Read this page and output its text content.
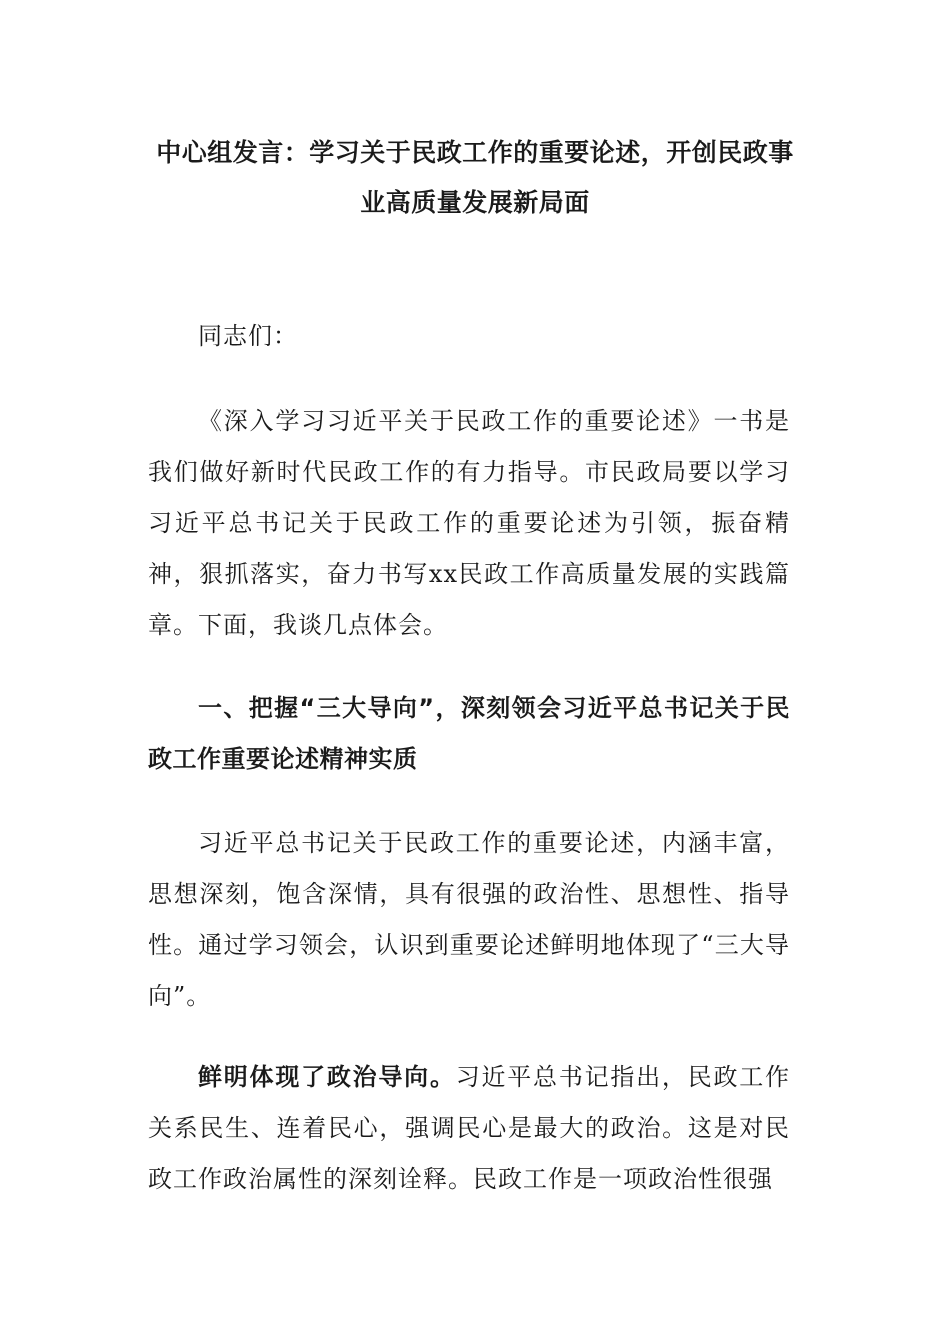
中心组发言：学习关于民政工作的重要论述，开创民政事业高质量发展新局面

同志们：

《深入学习习近平关于民政工作的重要论述》一书是我们做好新时代民政工作的有力指导。市民政局要以学习习近平总书记关于民政工作的重要论述为引领，振奋精神，狠抓落实，奋力书写xx民政工作高质量发展的实践篇章。下面，我谈几点体会。

一、把握“三大导向”，深刻领会习近平总书记关于民政工作重要论述精神实质

习近平总书记关于民政工作的重要论述，内涵丰富，思想深刻，饱含深情，具有很强的政治性、思想性、指导性。通过学习领会，认识到重要论述鲜明地体现了“三大导向”。

鲜明体现了政治导向。习近平总书记指出，民政工作关系民生、连着民心，强调民心是最大的政治。这是对民政工作政治属性的深刻诠释。民政工作是一项政治性很强
